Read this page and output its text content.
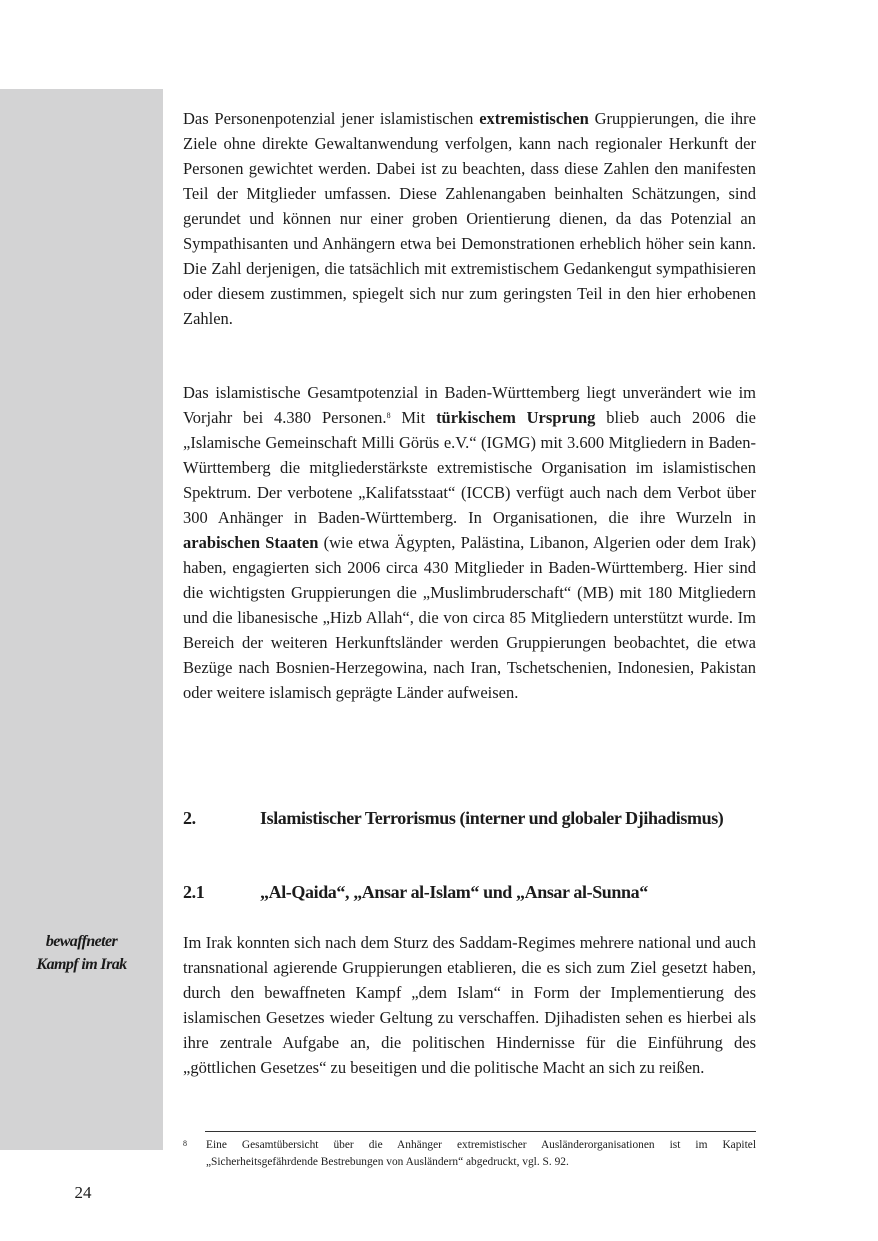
bewaffneter
Kampf im Irak

Das Personenpotenzial jener islamistischen extremistischen Gruppierungen, die ihre Ziele ohne direkte Gewaltanwendung verfolgen, kann nach regionaler Herkunft der Personen gewichtet werden. Dabei ist zu beachten, dass diese Zahlen den manifesten Teil der Mitglieder umfassen. Diese Zahlenangaben beinhalten Schätzungen, sind gerundet und können nur einer groben Orientierung dienen, da das Potenzial an Sympathisanten und Anhängern etwa bei Demonstrationen erheblich höher sein kann. Die Zahl derjenigen, die tatsächlich mit extremistischem Gedankengut sympathisieren oder diesem zustimmen, spiegelt sich nur zum geringsten Teil in den hier erhobenen Zahlen.

Das islamistische Gesamtpotenzial in Baden-Württemberg liegt unverändert wie im Vorjahr bei 4.380 Personen.$^8$ Mit türkischem Ursprung blieb auch 2006 die „Islamische Gemeinschaft Milli Görüs e.V.“ (IGMG) mit 3.600 Mitgliedern in Baden-Württemberg die mitgliederstärkste extremistische Organisation im islamistischen Spektrum. Der verbotene „Kalifatsstaat“ (ICCB) verfügt auch nach dem Verbot über 300 Anhänger in Baden-Württemberg. In Organisationen, die ihre Wurzeln in arabischen Staaten (wie etwa Ägypten, Palästina, Libanon, Algerien oder dem Irak) haben, engagierten sich 2006 circa 430 Mitglieder in Baden-Württemberg. Hier sind die wichtigsten Gruppierungen die „Muslimbruderschaft“ (MB) mit 180 Mitgliedern und die libanesische „Hizb Allah“, die von circa 85 Mitgliedern unterstützt wurde. Im Bereich der weiteren Herkunftsländer werden Gruppierungen beobachtet, die etwa Bezüge nach Bosnien-Herzegowina, nach Iran, Tschetschenien, Indonesien, Pakistan oder weitere islamisch geprägte Länder aufweisen.

2.	Islamistischer Terrorismus (interner und globaler Djihadismus)
2.1	„Al-Qaida“, „Ansar al-Islam“ und „Ansar al-Sunna“

Im Irak konnten sich nach dem Sturz des Saddam-Regimes mehrere national und auch transnational agierende Gruppierungen etablieren, die es sich zum Ziel gesetzt haben, durch den bewaffneten Kampf „dem Islam“ in Form der Implementierung des islamischen Gesetzes wieder Geltung zu verschaffen. Djihadisten sehen es hierbei als ihre zentrale Aufgabe an, die politischen Hindernisse für die Einführung des „göttlichen Gesetzes“ zu beseitigen und die politische Macht an sich zu reißen.

8 Eine Gesamtübersicht über die Anhänger extremistischer Ausländerorganisationen ist im Kapitel „Sicherheitsgefährdende Bestrebungen von Ausländern“ abgedruckt, vgl. S. 92.
24
